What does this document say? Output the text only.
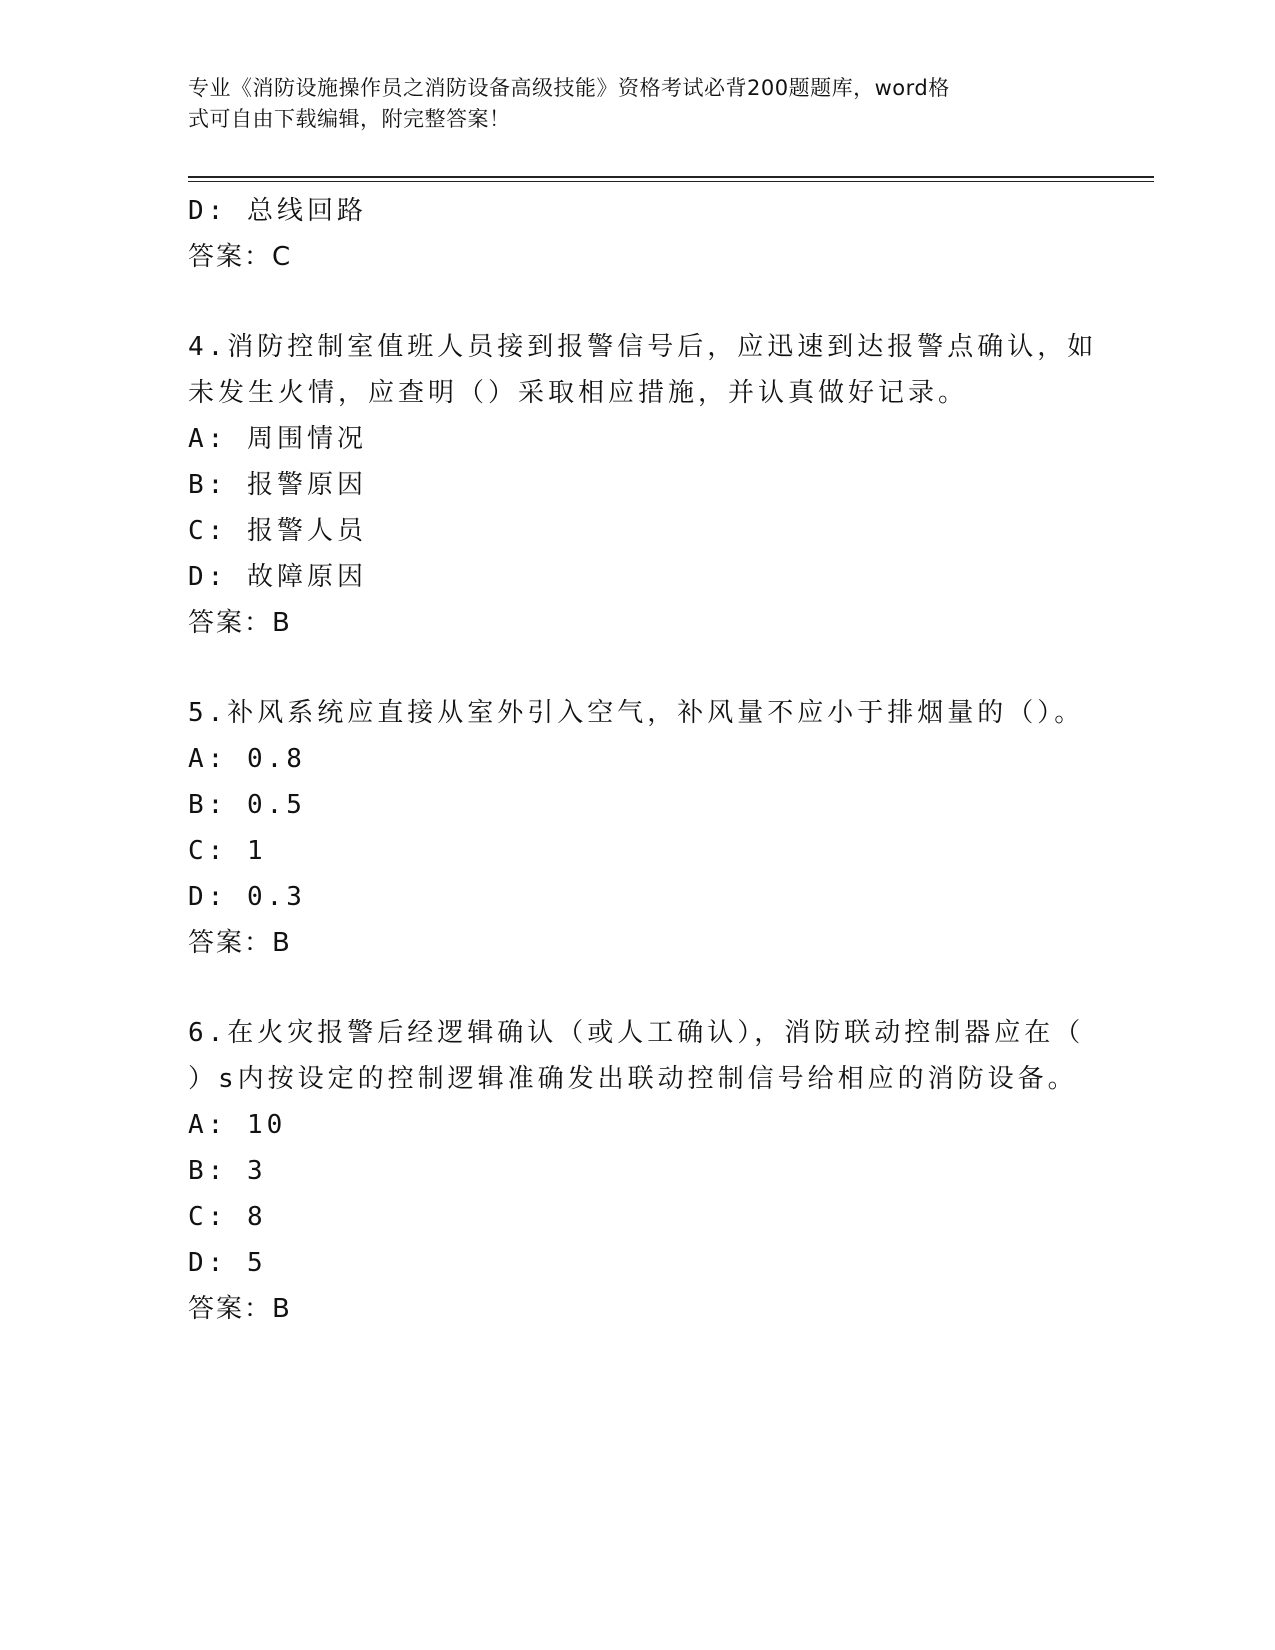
专业《消防设施操作员之消防设备高级技能》资格考试必背200题题库，word格
式可自由下载编辑，附完整答案！
D: 总线回路
答案：C
4.消防控制室值班人员接到报警信号后，应迅速到达报警点确认，如
未发生火情，应查明（）采取相应措施，并认真做好记录。
A: 周围情况
B: 报警原因
C: 报警人员
D: 故障原因
答案：B
5.补风系统应直接从室外引入空气，补风量不应小于排烟量的（）。
A: 0.8
B: 0.5
C: 1
D: 0.3
答案：B
6.在火灾报警后经逻辑确认（或人工确认），消防联动控制器应在（
）s内按设定的控制逻辑准确发出联动控制信号给相应的消防设备。
A: 10
B: 3
C: 8
D: 5
答案：B
